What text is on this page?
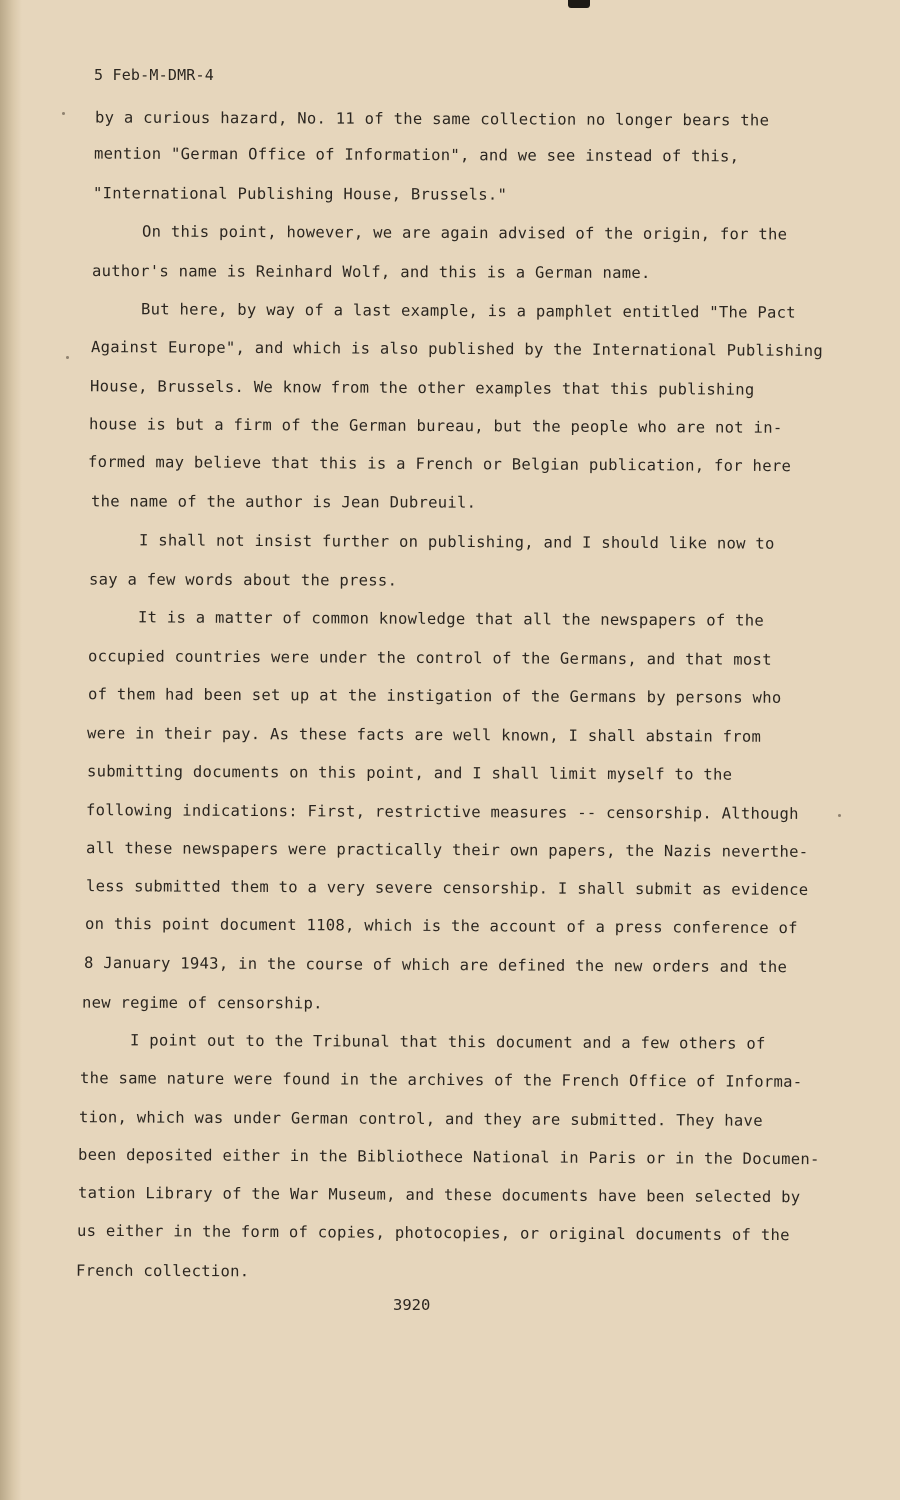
5 Feb-M-DMR-4
by a curious hazard, No. 11 of the same collection no longer bears the
mention "German Office of Information", and we see instead of this,
"International Publishing House, Brussels."
On this point, however, we are again advised of the origin, for the
author's name is Reinhard Wolf, and this is a German name.
But here, by way of a last example, is a pamphlet entitled "The Pact
Against Europe", and which is also published by the International Publishing
House, Brussels. We know from the other examples that this publishing
house is but a firm of the German bureau, but the people who are not in-
formed may believe that this is a French or Belgian publication, for here
the name of the author is Jean Dubreuil.
I shall not insist further on publishing, and I should like now to
say a few words about the press.
It is a matter of common knowledge that all the newspapers of the
occupied countries were under the control of the Germans, and that most
of them had been set up at the instigation of the Germans by persons who
were in their pay. As these facts are well known, I shall abstain from
submitting documents on this point, and I shall limit myself to the
following indications: First, restrictive measures -- censorship. Although
all these newspapers were practically their own papers, the Nazis neverthe-
less submitted them to a very severe censorship. I shall submit as evidence
on this point document 1108, which is the account of a press conference of
8 January 1943, in the course of which are defined the new orders and the
new regime of censorship.
I point out to the Tribunal that this document and a few others of
the same nature were found in the archives of the French Office of Informa-
tion, which was under German control, and they are submitted. They have
been deposited either in the Bibliothece National in Paris or in the Documen-
tation Library of the War Museum, and these documents have been selected by
us either in the form of copies, photocopies, or original documents of the
French collection.
3920
